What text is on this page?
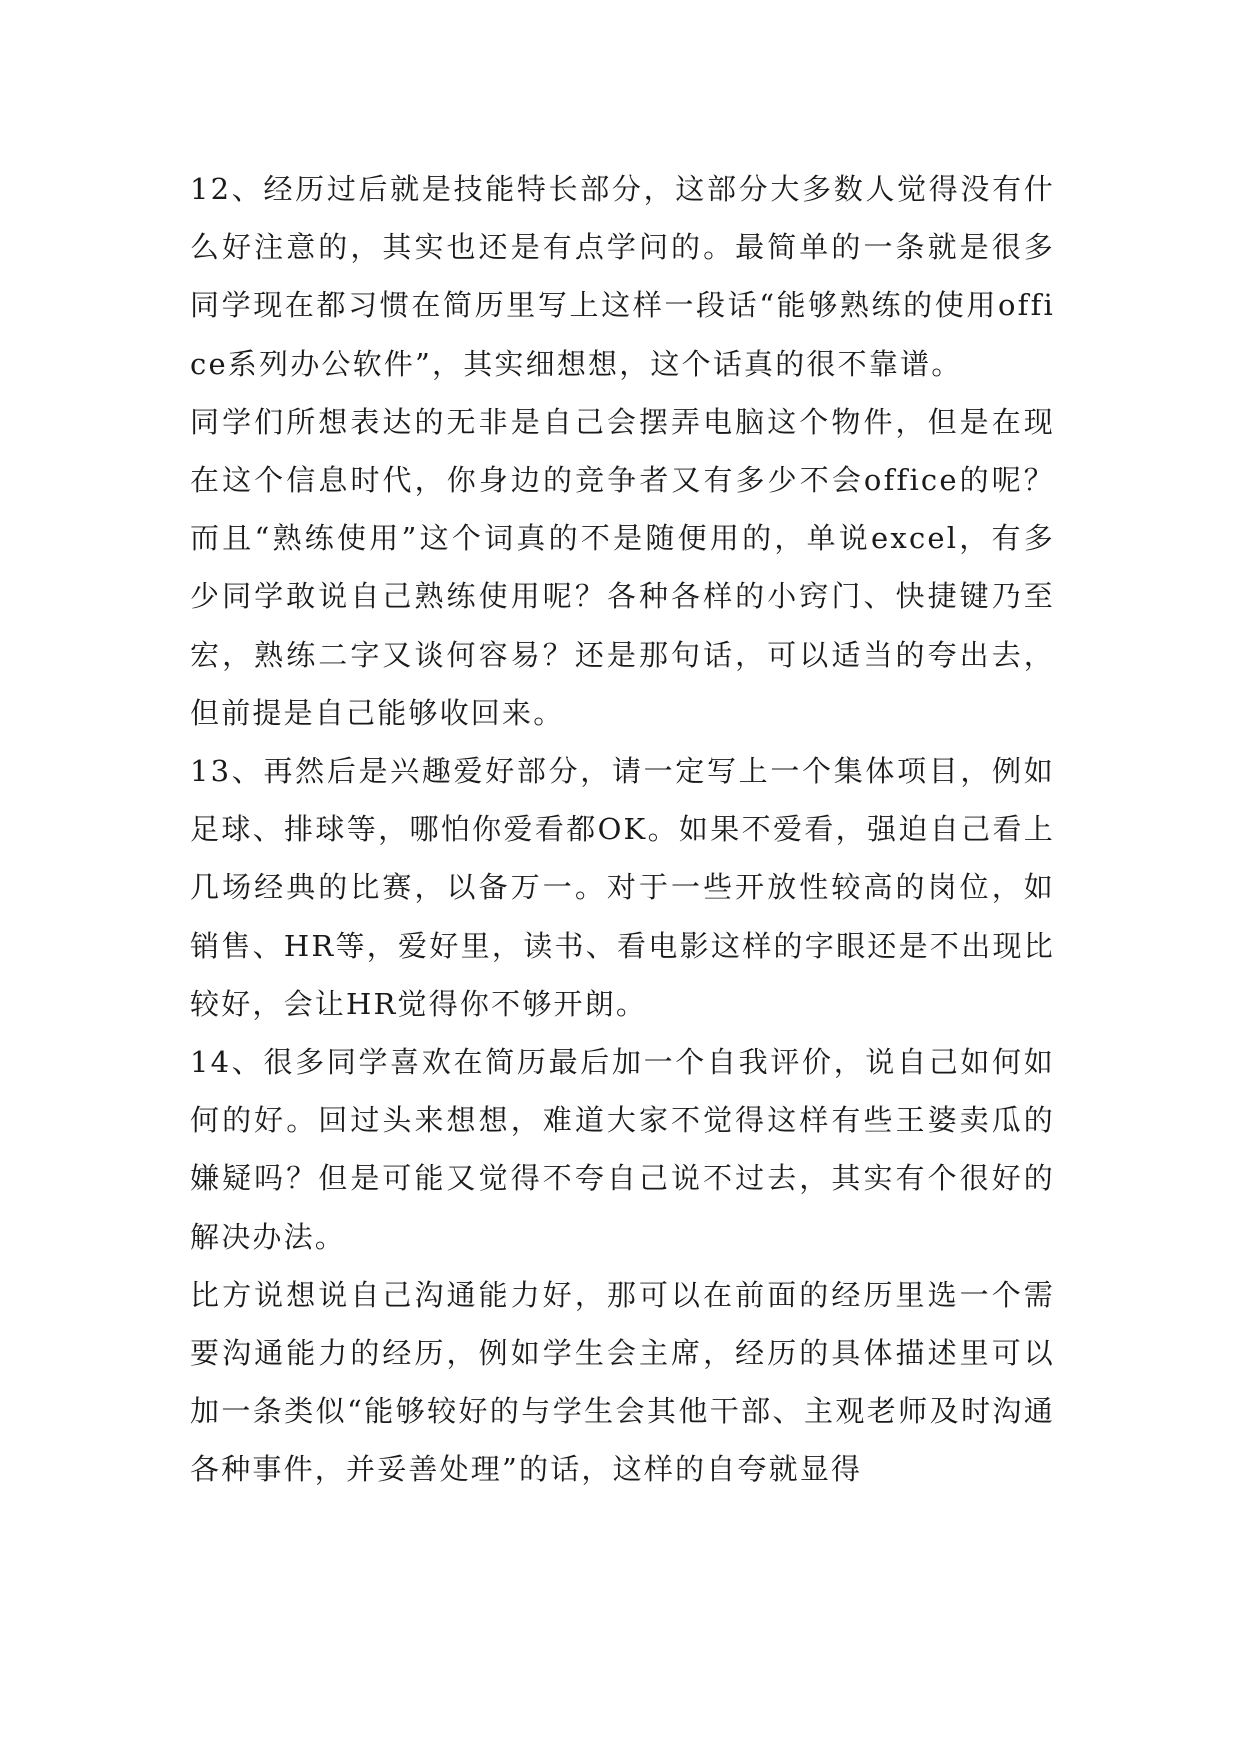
12、经历过后就是技能特长部分，这部分大多数人觉得没有什么好注意的，其实也还是有点学问的。最简单的一条就是很多同学现在都习惯在简历里写上这样一段话“能够熟练的使用office系列办公软件”，其实细想想，这个话真的很不靠谱。

同学们所想表达的无非是自己会摆弄电脑这个物件，但是在现在这个信息时代，你身边的竞争者又有多少不会office的呢？而且“熟练使用”这个词真的不是随便用的，单说excel，有多少同学敢说自己熟练使用呢？各种各样的小窍门、快捷键乃至宏，熟练二字又谈何容易？还是那句话，可以适当的夸出去，但前提是自己能够收回来。

13、再然后是兴趣爱好部分，请一定写上一个集体项目，例如足球、排球等，哪怕你爱看都OK。如果不爱看，强迫自己看上几场经典的比赛，以备万一。对于一些开放性较高的岗位，如销售、HR等，爱好里，读书、看电影这样的字眼还是不出现比较好，会让HR觉得你不够开朗。

14、很多同学喜欢在简历最后加一个自我评价，说自己如何如何的好。回过头来想想，难道大家不觉得这样有些王婆卖瓜的嫌疑吗？但是可能又觉得不夸自己说不过去，其实有个很好的解决办法。

比方说想说自己沟通能力好，那可以在前面的经历里选一个需要沟通能力的经历，例如学生会主席，经历的具体描述里可以加一条类似“能够较好的与学生会其他干部、主观老师及时沟通各种事件，并妥善处理”的话，这样的自夸就显得
